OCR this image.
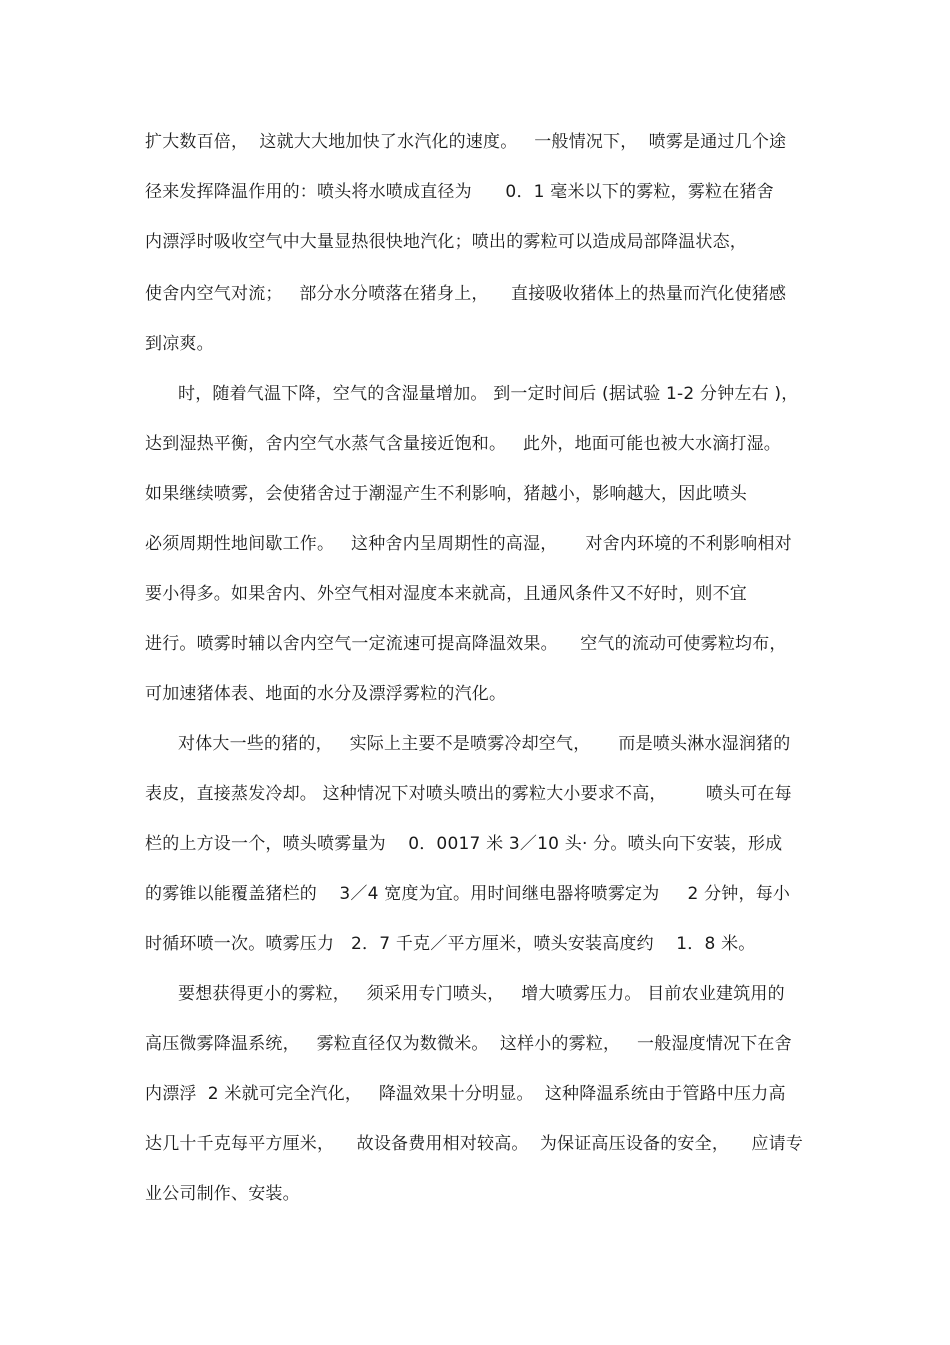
扩大数百倍，  这就大大地加快了水汽化的速度。   一般情况下，  喷雾是通过几个途
径来发挥降温作用的：喷头将水喷成直径为      0．1 毫米以下的雾粒，雾粒在猪舍
内漂浮时吸收空气中大量显热很快地汽化；喷出的雾粒可以造成局部降温状态，
使舍内空气对流；   部分水分喷落在猪身上，    直接吸收猪体上的热量而汽化使猪感
到凉爽。
时，随着气温下降，空气的含湿量增加。 到一定时间后 (据试验 1-2 分钟左右 )，
达到湿热平衡，舍内空气水蒸气含量接近饱和。   此外，地面可能也被大水滴打湿。
如果继续喷雾，会使猪舍过于潮湿产生不利影响，猪越小，影响越大，因此喷头
必须周期性地间歇工作。   这种舍内呈周期性的高湿，     对舍内环境的不利影响相对
要小得多。如果舍内、外空气相对湿度本来就高，且通风条件又不好时，则不宜
进行。喷雾时辅以舍内空气一定流速可提高降温效果。    空气的流动可使雾粒均布，
可加速猪体表、地面的水分及漂浮雾粒的汽化。
对体大一些的猪的，   实际上主要不是喷雾冷却空气，     而是喷头淋水湿润猪的
表皮，直接蒸发冷却。 这种情况下对喷头喷出的雾粒大小要求不高，       喷头可在每
栏的上方设一个，喷头喷雾量为    0．0017 米 3／10 头· 分。喷头向下安装，形成
的雾锥以能覆盖猪栏的    3／4 宽度为宜。用时间继电器将喷雾定为     2 分钟，每小
时循环喷一次。喷雾压力   2．7 千克／平方厘米，喷头安装高度约    1．8 米。
要想获得更小的雾粒，   须采用专门喷头，   增大喷雾压力。 目前农业建筑用的
高压微雾降温系统，   雾粒直径仅为数微米。  这样小的雾粒，   一般湿度情况下在舍
内漂浮  2 米就可完全汽化，   降温效果十分明显。  这种降温系统由于管路中压力高
达几十千克每平方厘米，    故设备费用相对较高。  为保证高压设备的安全，    应请专
业公司制作、安装。
